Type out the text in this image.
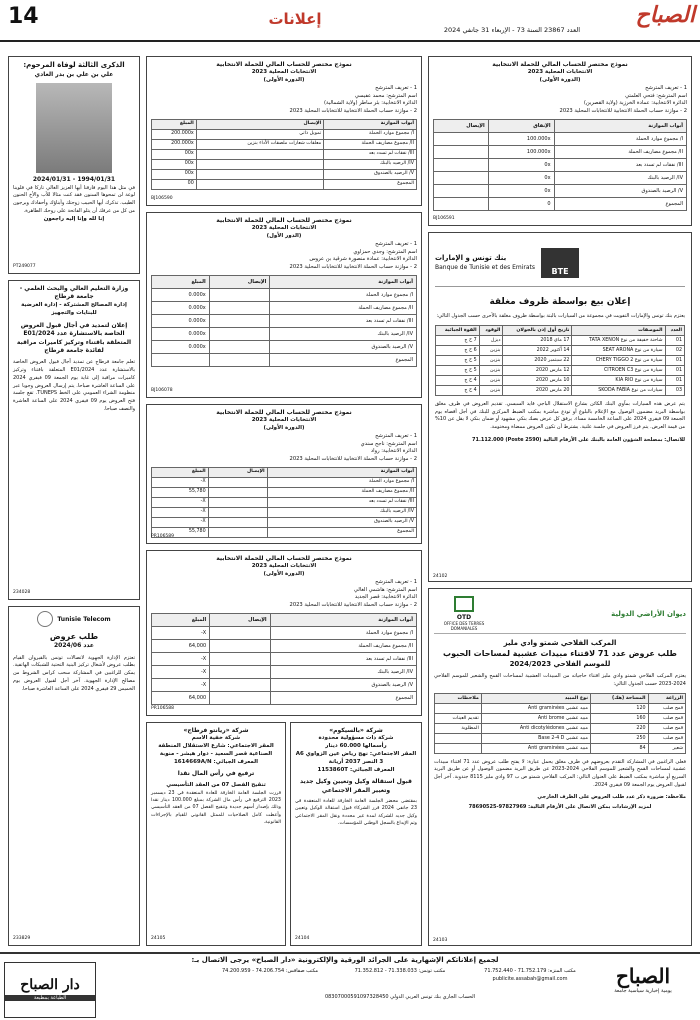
14	إعلانات	الصباح
العدد 23867 السنة 73 - الإربعاء 31 جانفي 2024
نموذج مختصر للحساب المالي للحملة الانتخابية
الانتخابات المحلية 2023
(الدورة الأولى)
1 - تعريف المترشح
اسم المترشح: فتحي العلمتي
الدائرة الانتخابية: عمادة الخرزية (ولاية القصرين)
2 - موازنة حساب الحملة الانتخابية للانتخابات المحلية 2023
أبواب الموازنة	الإنفاق	الإيصال
I/ مجموع موارد الحملة	100.000x	
II/ مجموع مصاريف الحملة	100.000x	
III/ نفقات لم تسدد بعد	0x	
IV/ الرصيد بالبنك	0x	
V/ الرصيد بالصندوق	0x	
المجموع	0	
BJ106591
بنك تونس و الإمارات
Banque de Tunisie et des Emirats	BTE
إعلان بيع بواسطة ظروف مغلقة
يعتزم بنك تونس والإمارات التفويت في مجموعة من السيارات بالبتة بواسطة ظروف مغلقة بالأحرى حسب الجدول التالي:
العدد	الموصفات	تاريخ أول إذن بالجولان	الوقود	القوة الجبائية
01	شاحنة خفيفة من نوع TATA XENON	17 ماي 2018	ديزل	7 ح ج
02	سيارة من نوع SEAT ARONA	14 أكتوبر 2022	بنزين	6 ح ج
01	سيارة من نوع CHERY TIGGO 2	22 سبتمبر 2020	بنزين	5 ح ج
01	سيارة من نوع CITROEN C3	12 مارس 2020	بنزين	5 ح ج
01	سيارة من نوع KIA RIO	10 مارس 2020	بنزين	4 ح ج
03	سيارات من نوع SKODA FABIA	20 مارس 2020	بنزين	4 ح ج
يتم عرض هذه السيارات بمآوي البنك الكائن بشارع الاستقلال الباجي قايد السبسي. تقديم العروض في ظرف مغلق بواسطة البريد مضمون الوصول مع الإعلام بالبلوغ أو تودع مباشرة بمكتب الضبط المركزي للبنك في أجل أقصاه يوم الجمعة 09 فيفري 2024 على الساعة الخامسة مساء. يرفق كل عرض بصك بنكي مشهود أو ضمان بنكي لا يقل عن 10% من قيمة العرض. يتم فرز العروض في جلسة علنية. يشترط أن تكون العروض ممضاة ومختومة.
للاتصال: بمصلحة الشؤون العامة بالبنك على الأرقام التالية (Poste 2590) 71.112.000
24102
OTD
OFFICE DES TERRES DOMANIALES
ديوان الأراضي الدولية
المركب الفلاحي شمتو وادي مليز
طلب عروض عدد 71 لاقتناء مبيدات عشبية لمساحات الحبوب
للموسم الفلاحي 2024/2023
يعتزم المركب الفلاحي شمتو وادي مليز اقتناء حاجياته من المبيدات العشبية لمساحات القمح والشعير للموسم الفلاحي 2024-2023 حسب الجدول التالي:
الزراعة	المساحة (هك)	نوع المبيد	ملاحظات
قمح صلب	120	مبيد عشبي Anti graminées	
قمح صلب	160	مبيد عشبي Anti brome	تقديم العينات
قمح صلب	220	مبيد عشبي Anti dicotylédones	المطلوبة
قمح صلب	250	مبيد عشبي Base 2-4 D	
شعير	84	مبيد عشبي Anti graminées	
فعلى الراغبين في المشاركة التقدم بعروضهم في ظرف مغلق يحمل عبارة: لا يفتح طلب عروض عدد 71 اقتناء مبيدات عشبية لمساحات القمح والشعير للموسم الفلاحي 2024-2023 عن طريق البريد مضمون الوصول أو عن طريق البريد السريع أو مباشرة بمكتب الضبط على العنوان التالي: المركب الفلاحي شمتو ص ب 97 وادي مليز 8115 جندوبة. آخر أجل لقبول العروض يوم الجمعة 09 فيفري 2024.
ملاحظة: ضرورة ذكر عدد طلب العروض على الظرف الخارجي
لمزيد الإرشادات يمكن الاتصال على الأرقام التالية: 97827969-78690525
24103
نموذج مختصر للحساب المالي للحملة الانتخابية
الانتخابات المحلية 2023
(الدورة الأولى)
1 - تعريف المترشح
اسم المترشح: محمد عفيسي
الدائرة الانتخابية: بئر ساطر (ولاية الشمالية)
2 - موازنة حساب الحملة الانتخابية للانتخابات المحلية 2023
أبواب الموازنة	الإيصال	المبلغ
I/ مجموع موارد الحملة	تمويل ذاتي	200.000x
II/ مجموع مصاريف الحملة	معلقات شعارات ملصقات الأداء بنزين	200.000x
III/ نفقات لم تسدد بعد		00x
IV/ الرصيد بالبنك		00x
V/ الرصيد بالصندوق		00x
المجموع		00
BJ106590
نموذج مختصر للحساب المالي للحملة الانتخابية
الانتخابات المحلية 2023
(الدور الأول)
1 - تعريف المترشح
اسم المترشح: وجدي حمزاوي
الدائرة الانتخابية: عمادة منصورة شرقية بن عروس
2 - موازنة حساب الحملة الانتخابية للانتخابات المحلية 2023
أبواب الموازنة	الإيصال	المبلغ
I/ مجموع موارد الحملة		0.000x
II/ مجموع مصاريف الحملة		0.000x
III/ نفقات لم تسدد بعد		0.000x
IV/ الرصيد بالبنك		0.000x
V/ الرصيد بالصندوق		0.000x
المجموع		
BJ106078
نموذج مختصر للحساب المالي للحملة الانتخابية
الانتخابات المحلية 2023
(الدورة الأولى)
1 - تعريف المترشح
اسم المترشح: ناجح سندي
الدائرة الانتخابية: رواد
2 - موازنة حساب الحملة الانتخابية للانتخابات المحلية 2023
أبواب الموازنة	الإيصال	المبلغ
I/ مجموع موارد الحملة		X-
II/ مجموع مصاريف الحملة		55,780
III/ نفقات لم تسدد بعد		X-
IV/ الرصيد بالبنك		X-
V/ الرصيد بالصندوق		X-
المجموع		55,780
PR106589
نموذج مختصر للحساب المالي للحملة الانتخابية
الانتخابات المحلية 2023
(الدورة الأولى)
1 - تعريف المترشح
اسم المترشح: هاشمي الغالي
الدائرة الانتخابية: قصر الجديد
2 - موازنة حساب الحملة الانتخابية للانتخابات المحلية 2023
أبواب الموازنة	الإيصال	المبلغ
I/ مجموع موارد الحملة		X-
II/ مجموع مصاريف الحملة		64,000
III/ نفقات لم تسدد بعد		X-
IV/ الرصيد بالبنك		X-
V/ الرصيد بالصندوق		X-
المجموع		64,000
PR106588
شركة «بالسيكوم»
شركة ذات مسؤولية محدودة
رأسمالها 60.000 دينار
المقر الاجتماعي: نهج رياض عين الزواوي A6 3 النصر 2037 أريانة
المعرف الجبائي: 1153860T
قبول استقالة وكيل وتعيين وكيل جديد وتغيير المقر الاجتماعي
بمقتضى محضر الجلسة العامة الخارقة للعادة المنعقدة في 23 جانفي 2024 قرر الشركاء قبول استقالة الوكيل وتعيين وكيل جديد للشركة لمدة غير محددة ونقل المقر الاجتماعي وتم الإيداع بالسجل الوطني للمؤسسات.
24104
شركة «ريانتو فرطاج»
شركة خفية الاسم
المقر الاجتماعي: شارع الاستقلال المنطقة الصناعية قصر السعيد - دوار هيشر - منوبة
المعرف الجبائي: 1614669A/N
ترفيع في رأس المال نقدا
تنقيح الفصل 07 من العقد التأسيسي
قررت الجلسة العامة الخارقة للعادة المنعقدة في 23 ديسمبر 2023 الترفيع في رأس مال الشركة بمبلغ 100.000 دينار نقدا وذلك بإصدار أسهم جديدة وتنقيح الفصل 07 من العقد التأسيسي وأعطت كامل الصلاحيات للممثل القانوني للقيام بالإجراءات القانونية.
24105
الذكرى الثالثة لوفاة المرحوم:
علي بن علي بن بدر العادي
1994/01/31 - 2024/01/31
في مثل هذا اليوم فارقنا أيها العزيز الغالي تاركا في قلوبنا لوعة لن تمحوها السنون فقد كنت مثالا للأب والأخ الحنون الطيب. تذكرك أيها الحبيب زوجتك وأبناؤك وأحفادك ويرجون من كل من عرفك أن يتلو الفاتحة على روحك الطاهرة.
إنا لله وإنا إليه راجعون
PT249077
وزارة التعليم العالي والبحث العلمي - جامعة قرطاج
إدارة المصالح المشتركة - إدارة الغرضية للبنايات والتجهيز
إعلان لتمديد في أجال قبول العروض الخاصة بالاستشارة عدد E01/2024 المتعلقة باقتناء وتركيز كاميرات مراقبة لفائدة جامعة قرطاج
تعلم جامعة قرطاج عن تمديد آجال قبول العروض الخاصة بالاستشارة عدد E01/2024 المتعلقة باقتناء وتركيز كاميرات مراقبة إلى غاية يوم الجمعة 09 فيفري 2024 على الساعة العاشرة صباحا. يتم إرسال العروض وجوبا عبر منظومة الشراء العمومي على الخط TUNEPS. تقع جلسة فتح العروض يوم 09 فيفري 2024 على الساعة العاشرة والنصف صباحا.
234028
Tunisie Telecom
طلب عروض
عدد 2024/06
تعتزم الإدارة الجهوية لاتصالات تونس بالقيروان القيام بطلب عروض لأشغال تركيز البنية التحتية للشبكات الهاتفية. يمكن للراغبين في المشاركة سحب كراس الشروط من مصالح الإدارة الجهوية. آخر أجل لقبول العروض يوم الخميس 29 فيفري 2024 على الساعة العاشرة صباحا.
233829
لجميع إعلاناتكم الإشهارية على الجرائد الورقية والإلكترونية «دار الصباح» يرجى الاتصال بـ:
مكتب المنزه: 71.752.179 - 71.752.440
publicite.assabah@gmail.com
مكتب تونس: 71.338.033 - 71.352.812
مكتب صفاقس: 74.206.754 - 74.200.959
الحساب الجاري بنك تونس العربي الدولي 08307000591097328450
الصباح
يومية إخبارية سياسية جامعة
دار الصباح
الطباعة بمطبعة
